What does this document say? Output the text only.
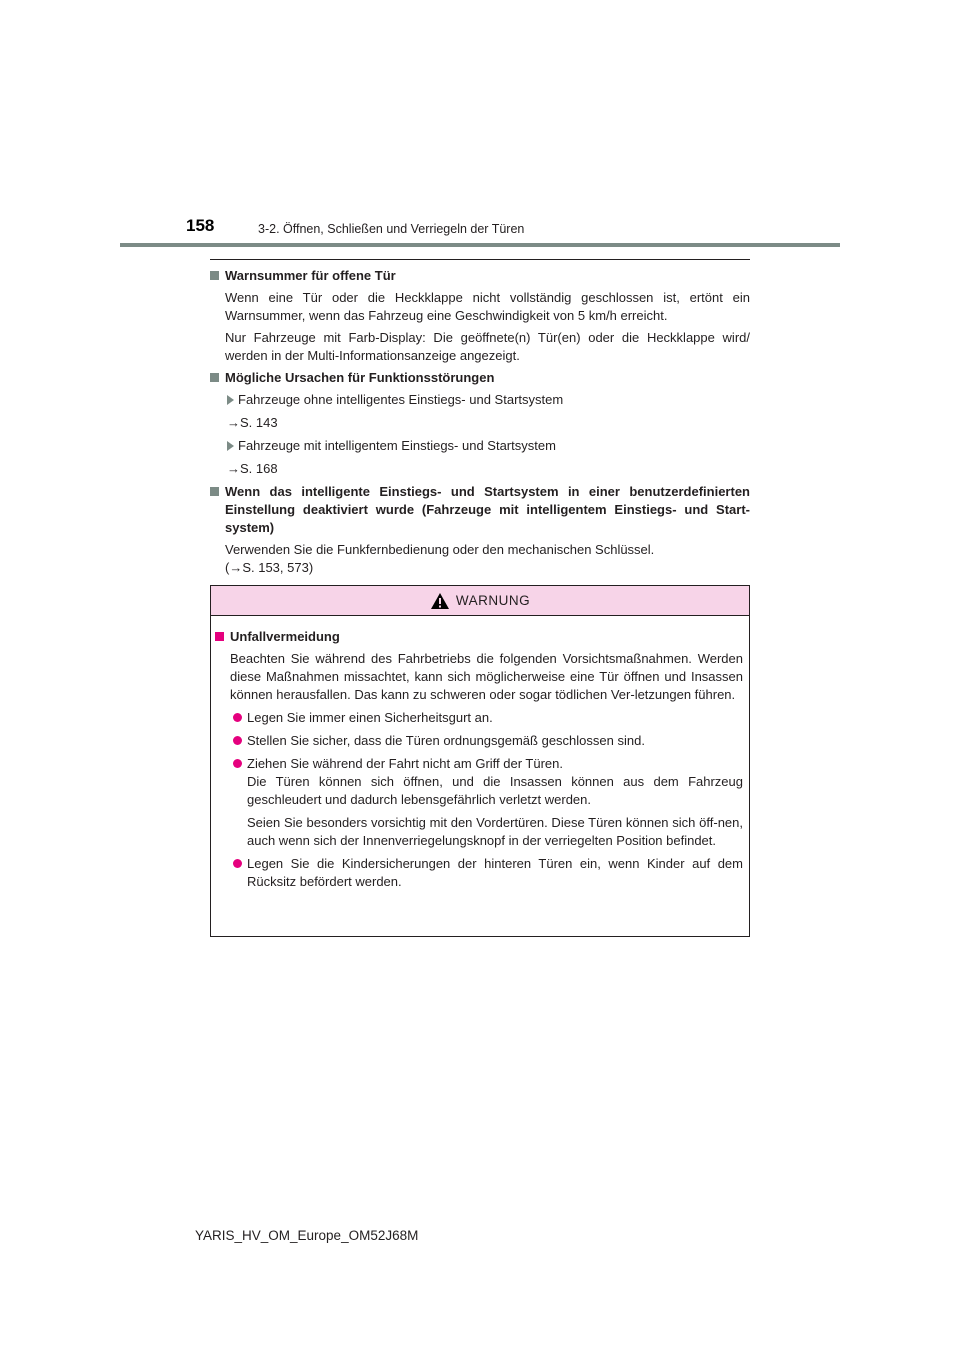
158	3-2. Öffnen, Schließen und Verriegeln der Türen
Warnsummer für offene Tür
Wenn eine Tür oder die Heckklappe nicht vollständig geschlossen ist, ertönt ein Warnsummer, wenn das Fahrzeug eine Geschwindigkeit von 5 km/h erreicht.
Nur Fahrzeuge mit Farb-Display: Die geöffnete(n) Tür(en) oder die Heckklappe wird/ werden in der Multi-Informationsanzeige angezeigt.
Mögliche Ursachen für Funktionsstörungen
Fahrzeuge ohne intelligentes Einstiegs- und Startsystem
→S. 143
Fahrzeuge mit intelligentem Einstiegs- und Startsystem
→S. 168
Wenn das intelligente Einstiegs- und Startsystem in einer benutzerdefinierten Einstellung deaktiviert wurde (Fahrzeuge mit intelligentem Einstiegs- und Start-system)
Verwenden Sie die Funkfernbedienung oder den mechanischen Schlüssel.
(→S. 153, 573)
WARNUNG
Unfallvermeidung
Beachten Sie während des Fahrbetriebs die folgenden Vorsichtsmaßnahmen. Werden diese Maßnahmen missachtet, kann sich möglicherweise eine Tür öffnen und Insassen können herausfallen. Das kann zu schweren oder sogar tödlichen Ver-letzungen führen.

Legen Sie immer einen Sicherheitsgurt an.

Stellen Sie sicher, dass die Türen ordnungsgemäß geschlossen sind.

Ziehen Sie während der Fahrt nicht am Griff der Türen.

Die Türen können sich öffnen, und die Insassen können aus dem Fahrzeug geschleudert und dadurch lebensgefährlich verletzt werden.

Seien Sie besonders vorsichtig mit den Vordertüren. Diese Türen können sich öff-nen, auch wenn sich der Innenverriegelungsknopf in der verriegelten Position befindet.

Legen Sie die Kindersicherungen der hinteren Türen ein, wenn Kinder auf dem Rücksitz befördert werden.

YARIS_HV_OM_Europe_OM52J68M
